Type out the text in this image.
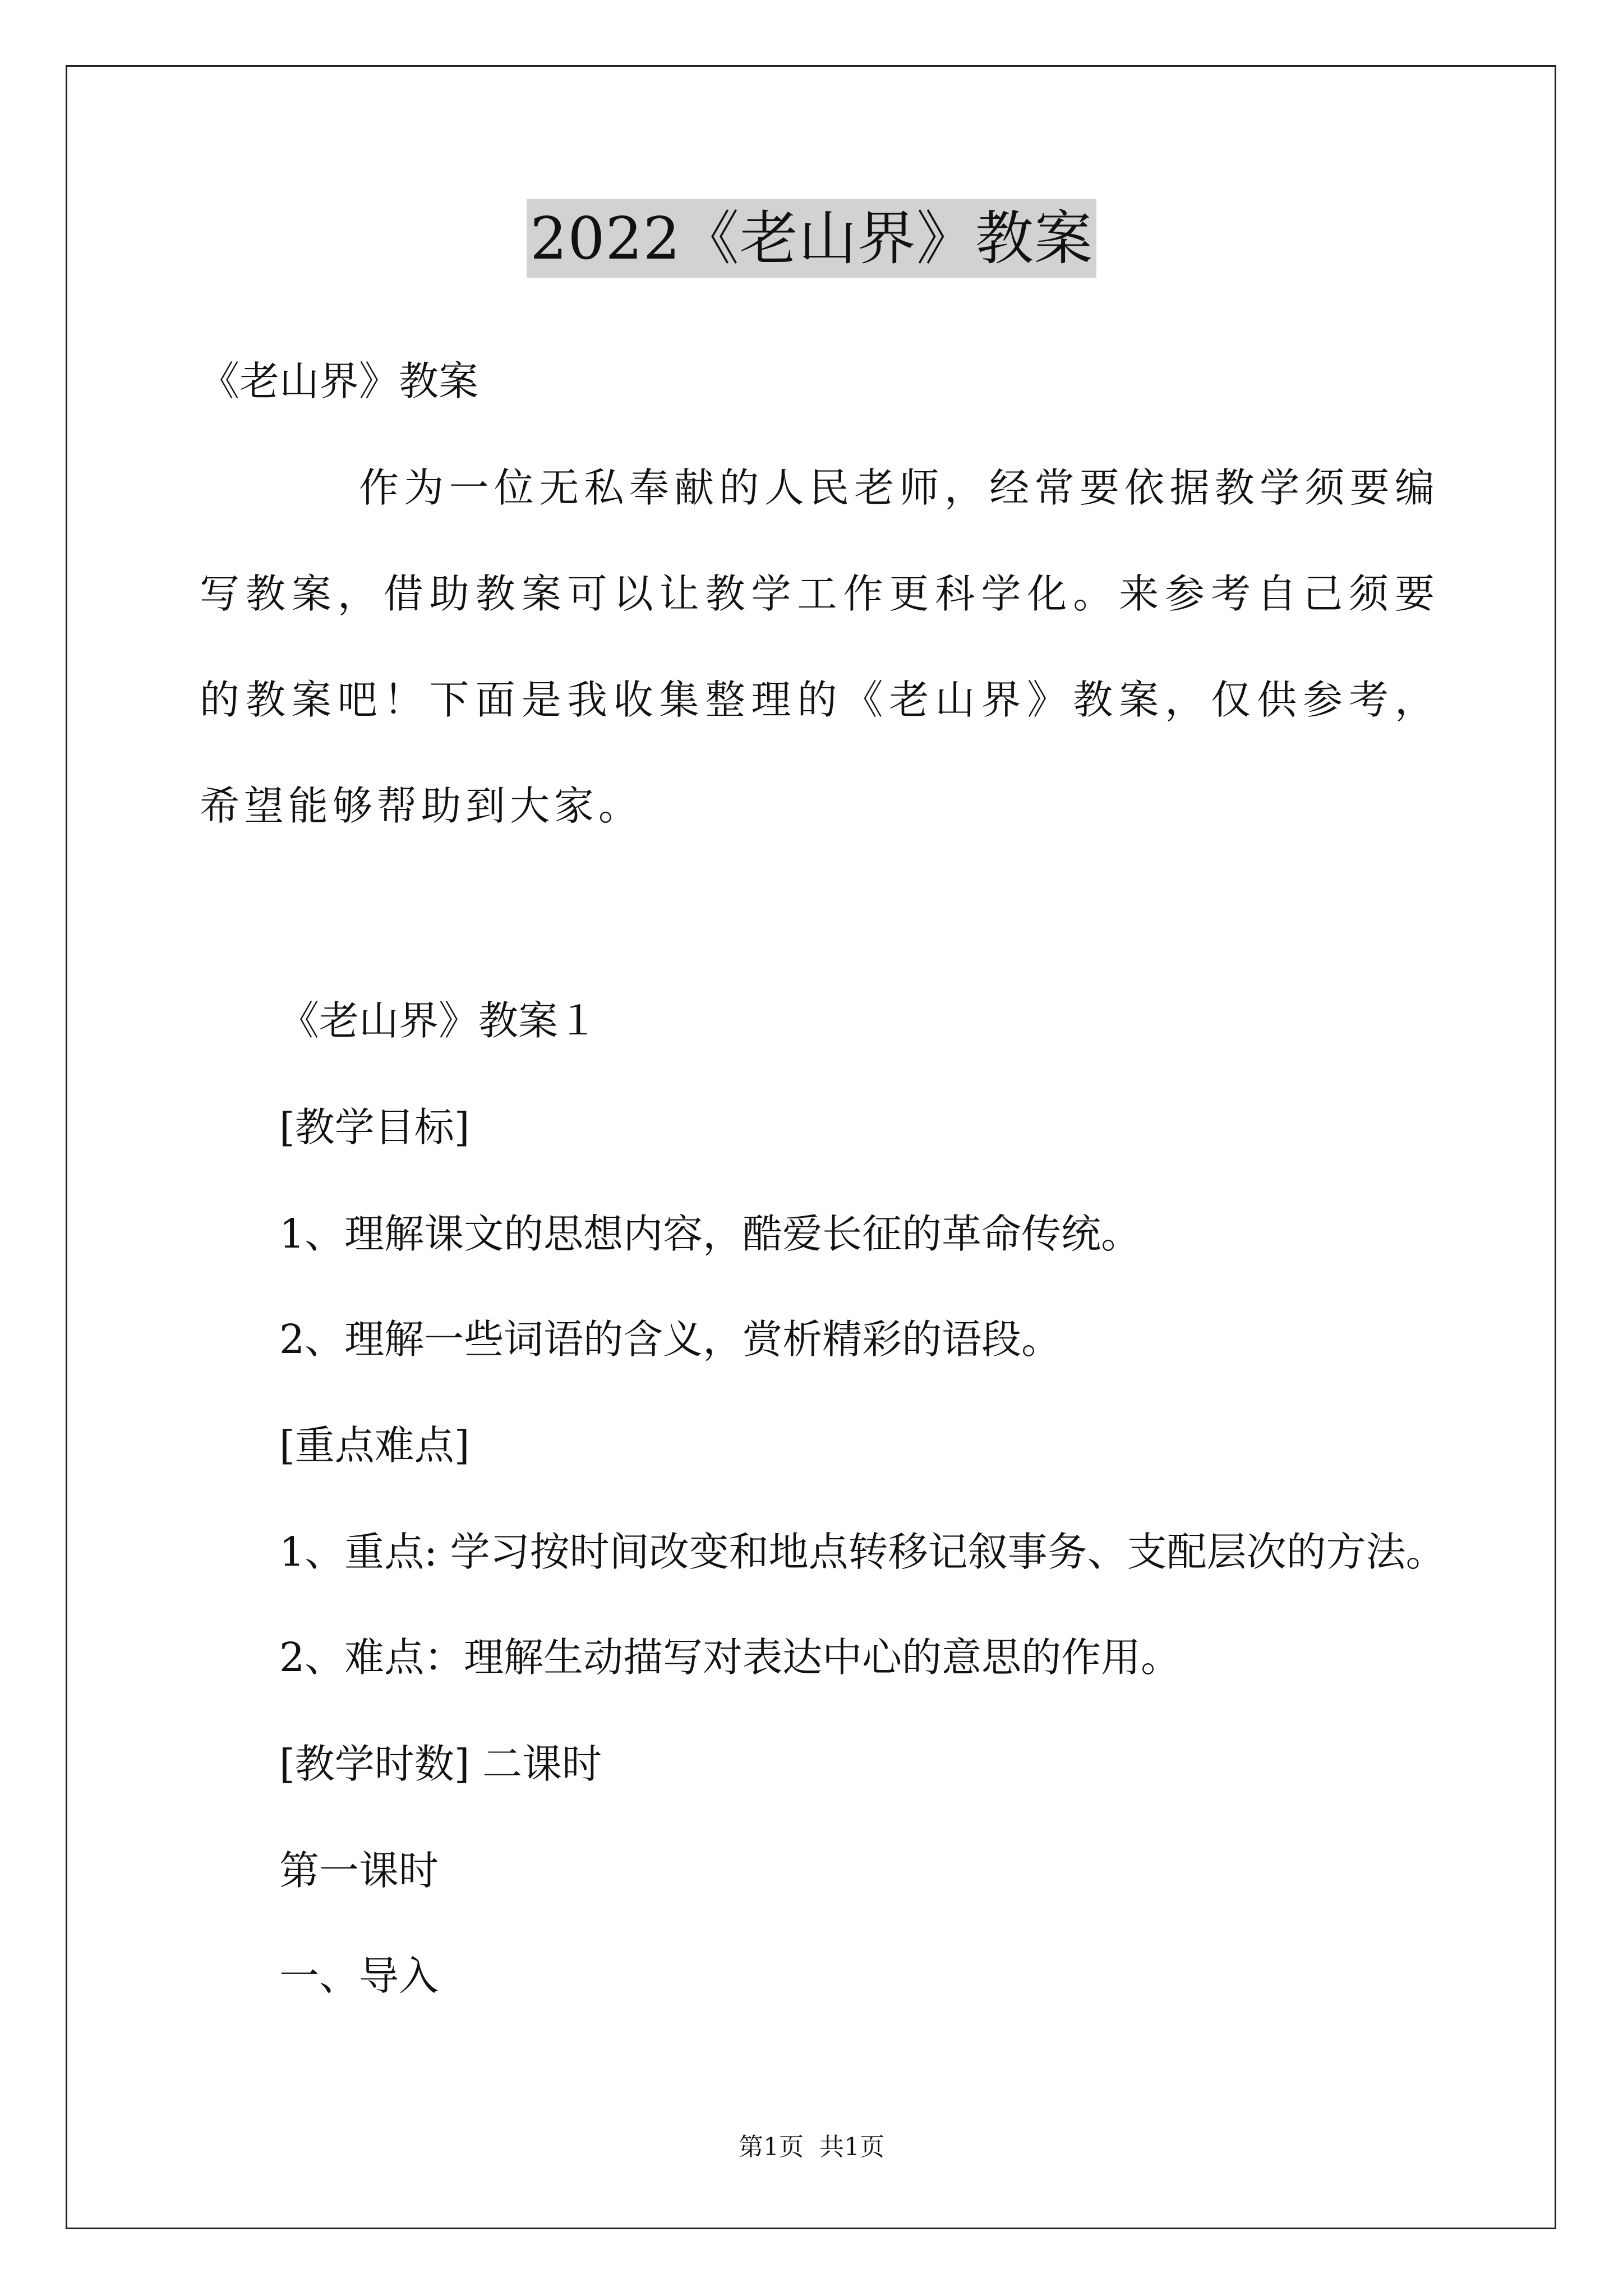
2022《老山界》教案
《老山界》教案
作为一位无私奉献的人民老师，经常要依据教学须要编写教案，借助教案可以让教学工作更科学化。来参考自己须要的教案吧！下面是我收集整理的《老山界》教案，仅供参考，希望能够帮助到大家。
《老山界》教案１
[教学目标]
1、理解课文的思想内容，酷爱长征的革命传统。
2、理解一些词语的含义，赏析精彩的语段。
[重点难点]
1、重点: 学习按时间改变和地点转移记叙事务、支配层次的方法。
2、难点：理解生动描写对表达中心的意思的作用。
[教学时数] 二课时
第一课时
一、导入
第1页 共1页
